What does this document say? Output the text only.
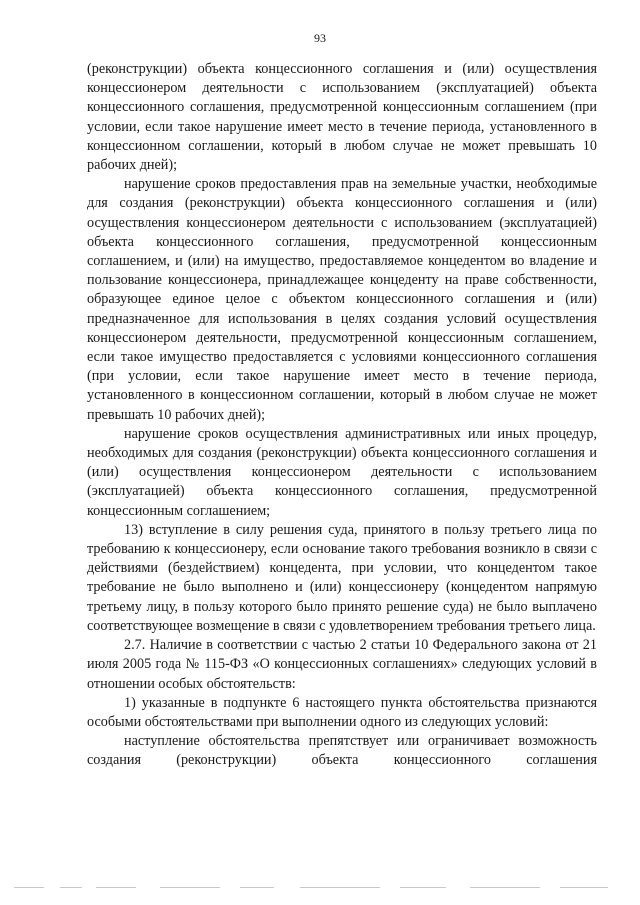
93

(реконструкции) объекта концессионного соглашения и (или) осуществления концессионером деятельности с использованием (эксплуатацией) объекта концессионного соглашения, предусмотренной концессионным соглашением (при условии, если такое нарушение имеет место в течение периода, установленного в концессионном соглашении, который в любом случае не может превышать 10 рабочих дней);

нарушение сроков предоставления прав на земельные участки, необходимые для создания (реконструкции) объекта концессионного соглашения и (или) осуществления концессионером деятельности с использованием (эксплуатацией) объекта концессионного соглашения, предусмотренной концессионным соглашением, и (или) на имущество, предоставляемое концедентом во владение и пользование концессионера, принадлежащее концеденту на праве собственности, образующее единое целое с объектом концессионного соглашения и (или) предназначенное для использования в целях создания условий осуществления концессионером деятельности, предусмотренной концессионным соглашением, если такое имущество предоставляется с условиями концессионного соглашения (при условии, если такое нарушение имеет место в течение периода, установленного в концессионном соглашении, который в любом случае не может превышать 10 рабочих дней);

нарушение сроков осуществления административных или иных процедур, необходимых для создания (реконструкции) объекта концессионного соглашения и (или) осуществления концессионером деятельности с использованием (эксплуатацией) объекта концессионного соглашения, предусмотренной концессионным соглашением;

13) вступление в силу решения суда, принятого в пользу третьего лица по требованию к концессионеру, если основание такого требования возникло в связи с действиями (бездействием) концедента, при условии, что концедентом такое требование не было выполнено и (или) концессионеру (концедентом напрямую третьему лицу, в пользу которого было принято решение суда) не было выплачено соответствующее возмещение в связи с удовлетворением требования третьего лица.

2.7. Наличие в соответствии с частью 2 статьи 10 Федерального закона от 21 июля 2005 года № 115-ФЗ «О концессионных соглашениях» следующих условий в отношении особых обстоятельств:

1) указанные в подпункте 6 настоящего пункта обстоятельства признаются особыми обстоятельствами при выполнении одного из следующих условий:

наступление обстоятельства препятствует или ограничивает возможность создания (реконструкции) объекта концессионного соглашения
